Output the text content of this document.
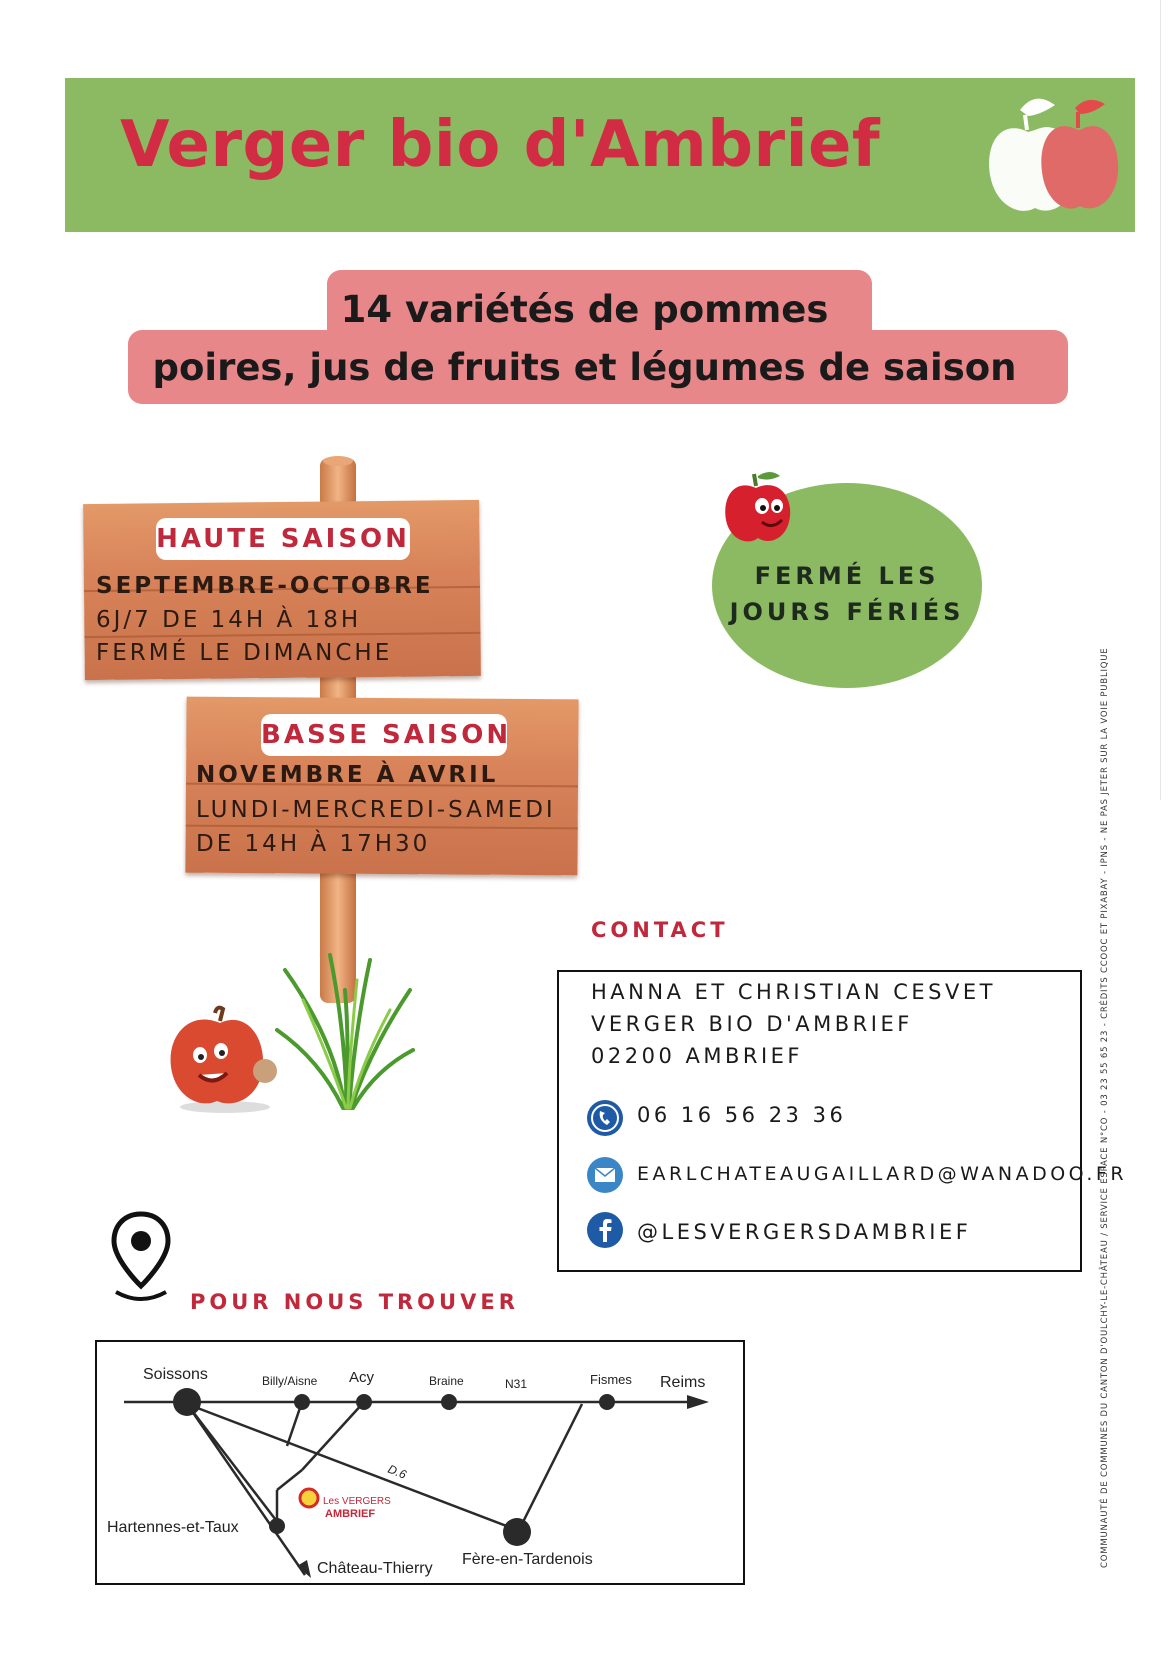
Verger bio d'Ambrief
14 variétés de pommes
poires, jus de fruits et légumes de saison
HAUTE SAISON
SEPTEMBRE-OCTOBRE
6J/7 DE 14H À 18H
FERMÉ LE DIMANCHE
BASSE SAISON
NOVEMBRE À AVRIL
LUNDI-MERCREDI-SAMEDI
DE 14H À 17H30
FERMÉ LES
JOURS FÉRIÉS
CONTACT
HANNA ET CHRISTIAN CESVET
VERGER BIO D'AMBRIEF
02200 AMBRIEF
06 16 56 23 36
EARLCHATEAUGAILLARD@WANADOO.FR
@LESVERGERSDAMBRIEF
POUR NOUS TROUVER
Soissons	Billy/Aisne Acy	Braine	N31	Fismes Reims
D.6
Hartennes-et-Taux
Château-Thierry
Fère-en-Tardenois
Les VERGERS
AMBRIEF	COMMUNAUTÉ DE COMMUNES DU CANTON D'OULCHY-LE-CHÂTEAU / SERVICE ESPACE N°CO - 03 23 55 65 23 - CRÉDITS CCOOC ET PIXABAY - IPNS - NE PAS JETER SUR LA VOIE PUBLIQUE
